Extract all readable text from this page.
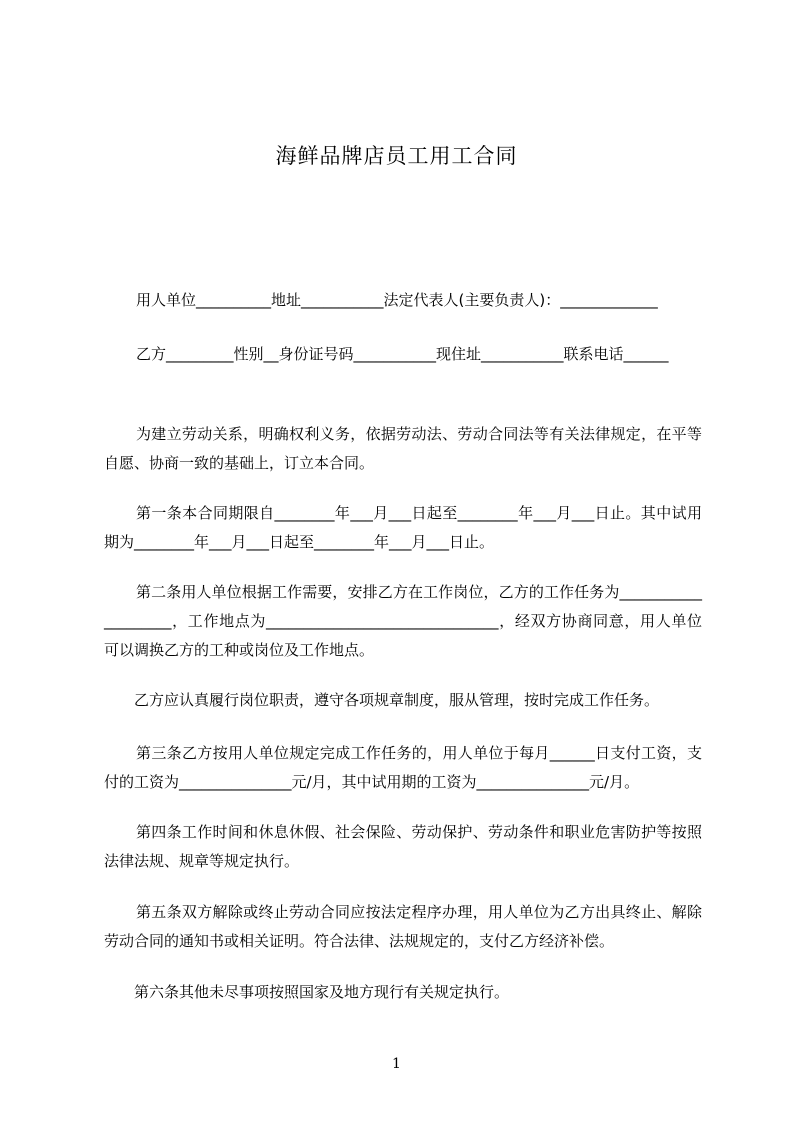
海鲜品牌店员工用工合同

用人单位__________地址___________法定代表人(主要负责人)：_____________

乙方_________性别__身份证号码___________现住址___________联系电话______

为建立劳动关系，明确权利义务，依据劳动法、劳动合同法等有关法律规定，在平等自愿、协商一致的基础上，订立本合同。

第一条本合同期限自________年___月___日起至________年___月___日止。其中试用期为________年___月___日起至________年___月___日止。

第二条用人单位根据工作需要，安排乙方在工作岗位，乙方的工作任务为____________________，工作地点为_______________________________，经双方协商同意，用人单位可以调换乙方的工种或岗位及工作地点。

乙方应认真履行岗位职责，遵守各项规章制度，服从管理，按时完成工作任务。

第三条乙方按用人单位规定完成工作任务的，用人单位于每月______日支付工资，支付的工资为_______________元/月，其中试用期的工资为_______________元/月。

第四条工作时间和休息休假、社会保险、劳动保护、劳动条件和职业危害防护等按照法律法规、规章等规定执行。

第五条双方解除或终止劳动合同应按法定程序办理，用人单位为乙方出具终止、解除劳动合同的通知书或相关证明。符合法律、法规规定的，支付乙方经济补偿。

第六条其他未尽事项按照国家及地方现行有关规定执行。

1
